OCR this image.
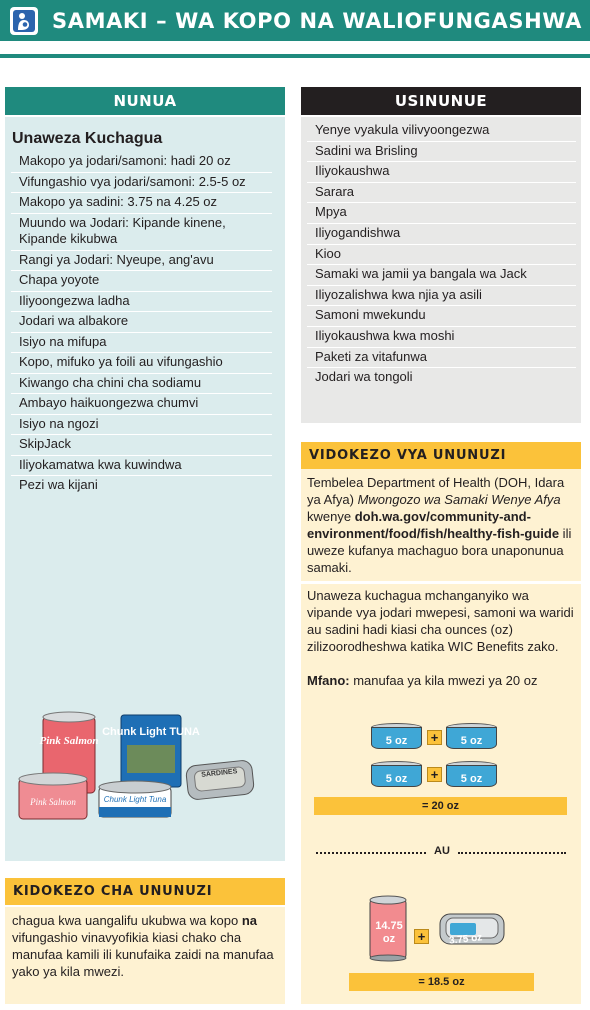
SAMAKI – WA KOPO NA WALIOFUNGASHWA
NUNUA
Unaweza Kuchagua
Makopo ya jodari/samoni: hadi 20 oz
Vifungashio vya jodari/samoni: 2.5-5 oz
Makopo ya sadini: 3.75 na 4.25 oz
Muundo wa Jodari: Kipande kinene, Kipande kikubwa
Rangi ya Jodari: Nyeupe, ang'avu
Chapa yoyote
Iliyoongezwa ladha
Jodari wa albakore
Isiyo na mifupa
Kopo, mifuko ya foili au vifungashio
Kiwango cha chini cha sodiamu
Ambayo haikuongezwa chumvi
Isiyo na ngozi
SkipJack
Iliyokamatwa kwa kuwindwa
Pezi wa kijani
Pink Salmon
Chunk Light TUNA
Pink Salmon	Chunk Light Tuna
SARDINES
USINUNUE
Yenye vyakula vilivyoongezwa
Sadini wa Brisling
Iliyokaushwa
Sarara
Mpya
Iliyogandishwa
Kioo
Samaki wa jamii ya bangala wa Jack
Iliyozalishwa kwa njia ya asili
Samoni mwekundu
Iliyokaushwa kwa moshi
Paketi za vitafunwa
Jodari wa tongoli
VIDOKEZO VYA UNUNUZI
Tembelea Department of Health (DOH, Idara ya Afya) Mwongozo wa Samaki Wenye Afya kwenye doh.wa.gov/community-and-environment/food/fish/healthy-fish-guide ili uweze kufanya machaguo bora unaponunua samaki.
Unaweza kuchagua mchanganyiko wa vipande vya jodari mwepesi, samoni wa waridi au sadini hadi kiasi cha ounces (oz) zilizoorodheshwa katika WIC Benefits zako.
Mfano: manufaa ya kila mwezi ya 20 oz
5 oz	+	5 oz
5 oz	+	5 oz
= 20 oz
AU
14.75 oz	+	3.75 oz
= 18.5 oz
KIDOKEZO CHA UNUNUZI
chagua kwa uangalifu ukubwa wa kopo na vifungashio vinavyofikia kiasi chako cha manufaa kamili ili kunufaika zaidi na manufaa yako ya kila mwezi.
